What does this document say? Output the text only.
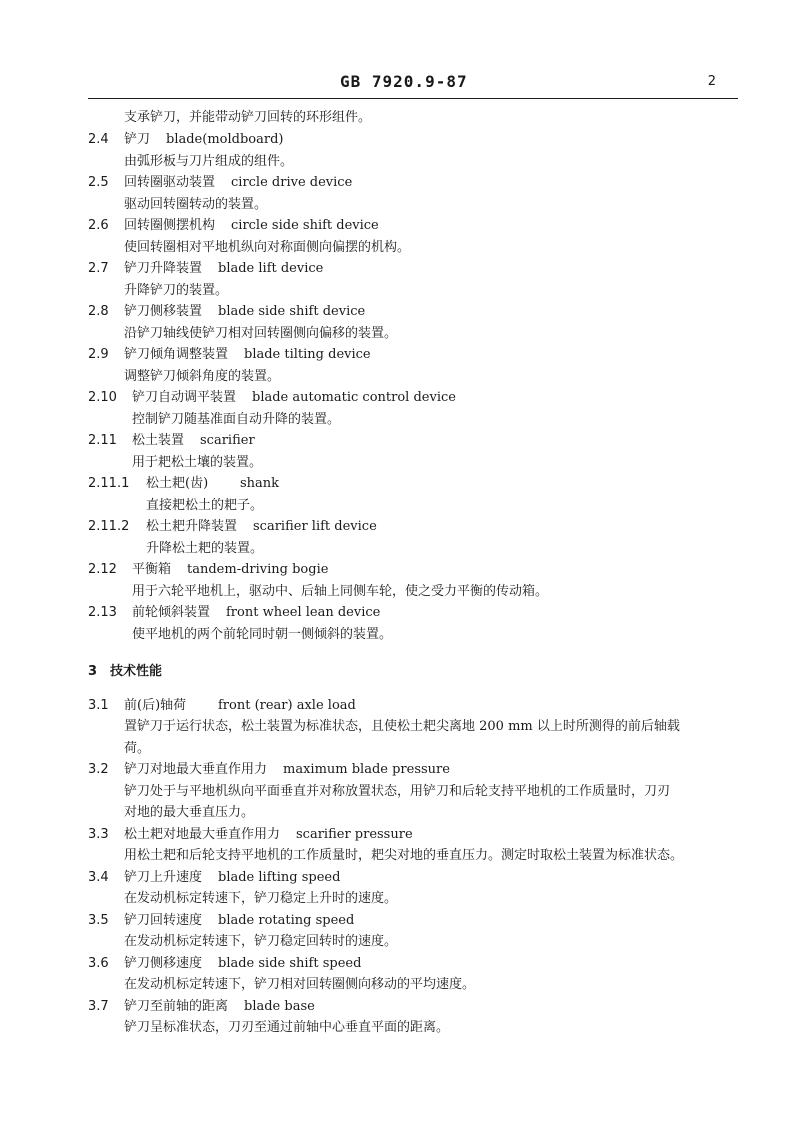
GB 7920.9-87	2
支承铲刀，并能带动铲刀回转的环形组件。
2.4 铲刀 blade(moldboard)
由弧形板与刀片组成的组件。
2.5 回转圈驱动装置 circle drive device
驱动回转圈转动的装置。
2.6 回转圈侧摆机构 circle side shift device
使回转圈相对平地机纵向对称面侧向偏摆的机构。
2.7 铲刀升降装置 blade lift device
升降铲刀的装置。
2.8 铲刀侧移装置 blade side shift device
沿铲刀轴线使铲刀相对回转圈侧向偏移的装置。
2.9 铲刀倾角调整装置 blade tilting device
调整铲刀倾斜角度的装置。
2.10 铲刀自动调平装置 blade automatic control device
控制铲刀随基准面自动升降的装置。
2.11 松土装置 scarifier
用于耙松土壤的装置。
2.11.1 松土耙(齿) shank
直接耙松土的耙子。
2.11.2 松土耙升降装置 scarifier lift device
升降松土耙的装置。
2.12 平衡箱 tandem-driving bogie
用于六轮平地机上，驱动中、后轴上同侧车轮，使之受力平衡的传动箱。
2.13 前轮倾斜装置 front wheel lean device
使平地机的两个前轮同时朝一侧倾斜的装置。
3 技术性能
3.1 前(后)轴荷 front (rear) axle load
置铲刀于运行状态，松土装置为标准状态，且使松土耙尖离地 200 mm 以上时所测得的前后轴载
荷。
3.2 铲刀对地最大垂直作用力 maximum blade pressure
铲刀处于与平地机纵向平面垂直并对称放置状态，用铲刀和后轮支持平地机的工作质量时，刀刃
对地的最大垂直压力。
3.3 松土耙对地最大垂直作用力 scarifier pressure
用松土耙和后轮支持平地机的工作质量时，耙尖对地的垂直压力。测定时取松土装置为标准状态。
3.4 铲刀上升速度 blade lifting speed
在发动机标定转速下，铲刀稳定上升时的速度。
3.5 铲刀回转速度 blade rotating speed
在发动机标定转速下，铲刀稳定回转时的速度。
3.6 铲刀侧移速度 blade side shift speed
在发动机标定转速下，铲刀相对回转圈侧向移动的平均速度。
3.7 铲刀至前轴的距离 blade base
铲刀呈标准状态，刀刃至通过前轴中心垂直平面的距离。
